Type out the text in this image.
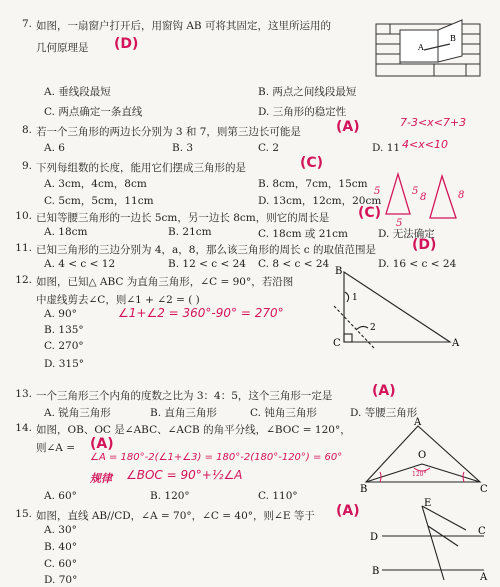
7. 如图，一扇窗户打开后，用窗钩 AB 可将其固定，这里所运用的
几何原理是 (D)
A. 垂线段最短	B. 两点之间线段最短
C. 两点确定一条直线	D. 三角形的稳定性
A
B
8. 若一个三角形的两边长分别为 3 和 7，则第三边长可能是	(A)	7-3<x<7+3
A. 6	B. 3	C. 2	D. 11 4<x<10
9. 下列每组数的长度，能用它们摆成三角形的是	(C)
A. 3cm，4cm，8cm	B. 8cm，7cm，15cm
C. 5cm，5cm，11cm	D. 13cm，12cm，20cm
5	5
8	8
5
10. 已知等腰三角形的一边长 5cm，另一边长 8cm，则它的周长是 (C)
A. 18cm	B. 21cm	C. 18cm 或 21cm	D. 无法确定
11. 已知三角形的三边分别为 4，a，8，那么该三角形的周长 c 的取值范围是	(D)
A. 4 < c < 12	B. 12 < c < 24 C. 8 < c < 24	D. 16 < c < 24
12. 如图，已知△ ABC 为直角三角形，∠C = 90°，若沿图
中虚线剪去∠C，则∠1 + ∠2 = ( )
A. 90°	∠1+∠2 = 360°-90° = 270°
B. 135°
C. 270°
D. 315°
B
1
2
C	A
13. 一个三角形三个内角的度数之比为 3：4：5，这个三角形一定是	(A)
A. 锐角三角形	B. 直角三角形	C. 钝角三角形	D. 等腰三角形
14. 如图，OB、OC 是∠ABC、∠ACB 的角平分线，∠BOC = 120°，
则∠A = (A)
∠A = 180°-2(∠1+∠3) = 180°-2(180°-120°) = 60°
规律 ∠BOC = 90°+½∠A
A. 60°	B. 120°	C. 110°
A
O
B	C
120°
15. 如图，直线 AB//CD，∠A = 70°，∠C = 40°，则∠E 等于 (A)
A. 30°
B. 40°
C. 60°
D. 70°
E
D
C
B
A
